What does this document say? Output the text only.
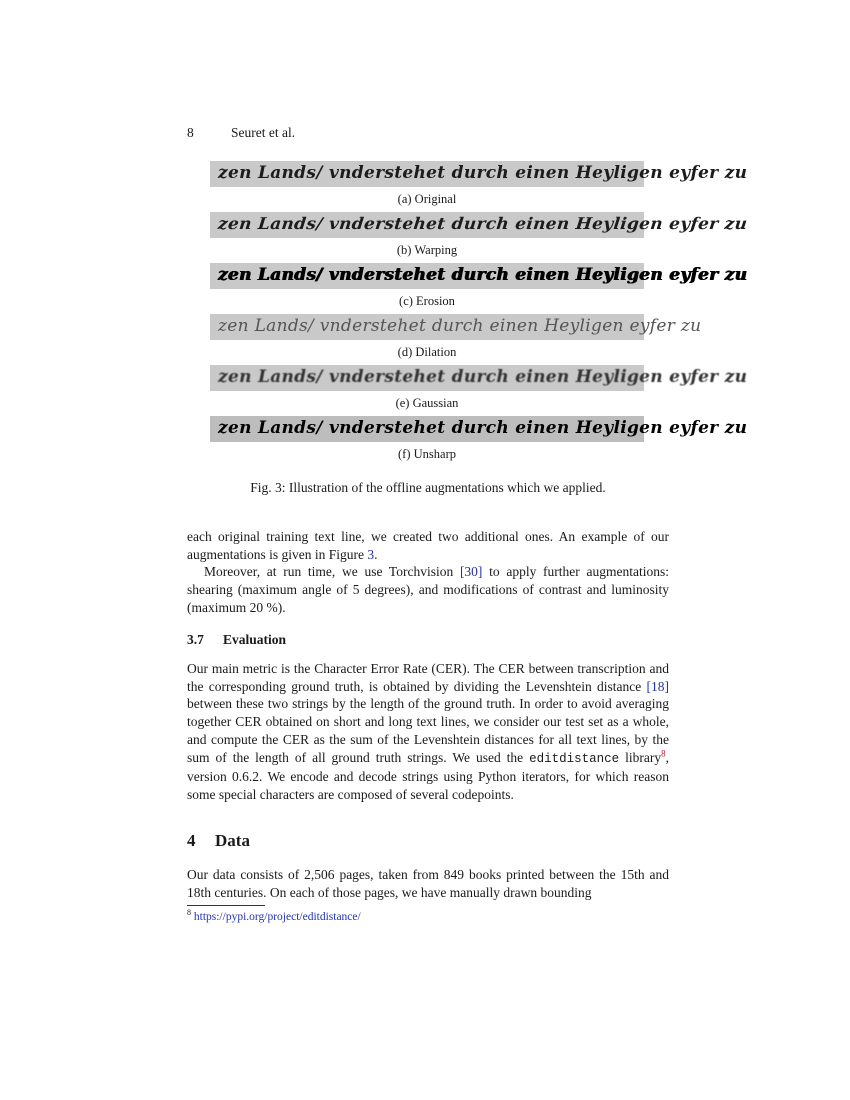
8	Seuret et al.
zen Lands/ vnderstehet durch einen Heyligen eyfer zu
(a) Original
zen Lands/ vnderstehet durch einen Heyligen eyfer zu
(b) Warping
zen Lands/ vnderstehet durch einen Heyligen eyfer zu
(c) Erosion
zen Lands/ vnderstehet durch einen Heyligen eyfer zu
(d) Dilation
zen Lands/ vnderstehet durch einen Heyligen eyfer zu
(e) Gaussian
zen Lands/ vnderstehet durch einen Heyligen eyfer zu
(f) Unsharp
Fig. 3: Illustration of the offline augmentations which we applied.

each original training text line, we created two additional ones. An example of our augmentations is given in Figure 3.

Moreover, at run time, we use Torchvision [30] to apply further augmentations: shearing (maximum angle of 5 degrees), and modifications of contrast and luminosity (maximum 20 %).

3.7 Evaluation

Our main metric is the Character Error Rate (CER). The CER between transcription and the corresponding ground truth, is obtained by dividing the Levenshtein distance [18] between these two strings by the length of the ground truth. In order to avoid averaging together CER obtained on short and long text lines, we consider our test set as a whole, and compute the CER as the sum of the Levenshtein distances for all text lines, by the sum of the length of all ground truth strings. We used the editdistance library$^8$, version 0.6.2. We encode and decode strings using Python iterators, for which reason some special characters are composed of several codepoints.

4 Data

Our data consists of 2,506 pages, taken from 849 books printed between the 15th and 18th centuries. On each of those pages, we have manually drawn bounding

$^8$ https://pypi.org/project/editdistance/
